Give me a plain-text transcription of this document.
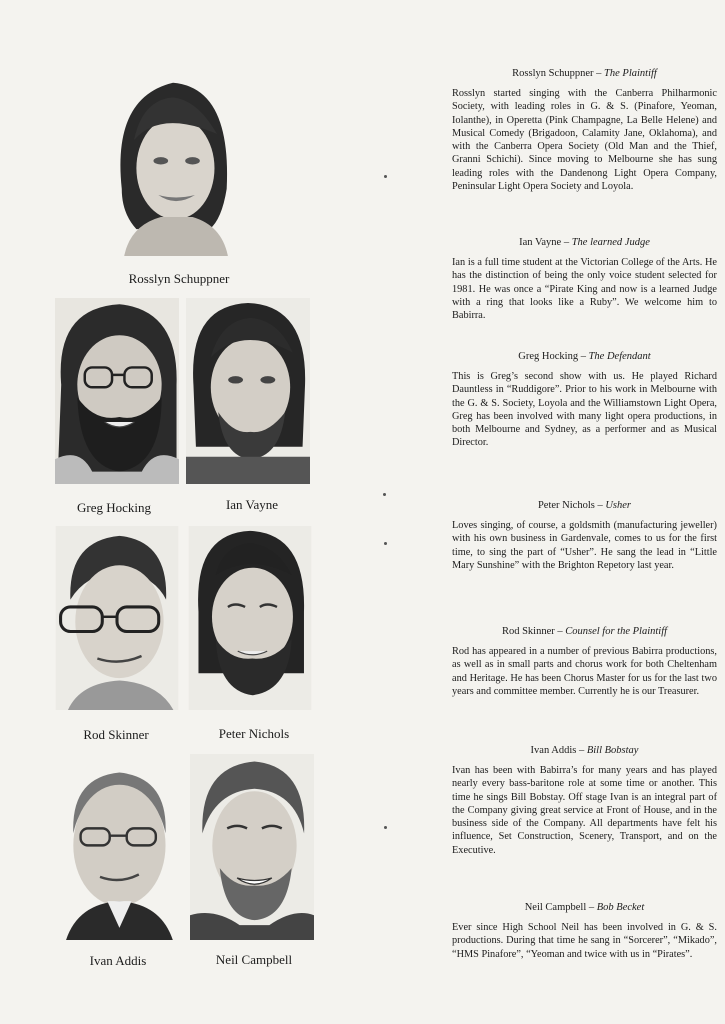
Rosslyn Schuppner
Greg Hocking	Ian Vayne
Rod Skinner	Peter Nichols
Ivan Addis	Neil Campbell
Rosslyn Schuppner – The Plaintiff

Rosslyn started singing with the Canberra Philharmonic Society, with leading roles in G. & S. (Pinafore, Yeoman, Iolanthe), in Operetta (Pink Champagne, La Belle Helene) and Musical Comedy (Brigadoon, Calamity Jane, Oklahoma), and with the Canberra Opera Society (Old Man and the Thief, Granni Schichi). Since moving to Melbourne she has sung leading roles with the Dandenong Light Opera Company, Peninsular Light Opera Society and Loyola.

Ian Vayne – The learned Judge

Ian is a full time student at the Victorian College of the Arts. He has the distinction of being the only voice student selected for 1981. He was once a “Pirate King and now is a learned Judge with a ring that looks like a Ruby”. We welcome him to Babirra.

Greg Hocking – The Defendant

This is Greg’s second show with us. He played Richard Dauntless in “Ruddigore”. Prior to his work in Melbourne with the G. & S. Society, Loyola and the Williamstown Light Opera, Greg has been involved with many light opera productions, in both Melbourne and Sydney, as a performer and as Musical Director.

Peter Nichols – Usher

Loves singing, of course, a goldsmith (manufacturing jeweller) with his own business in Gardenvale, comes to us for the first time, to sing the part of “Usher”. He sang the lead in “Little Mary Sunshine” with the Brighton Repetory last year.

Rod Skinner – Counsel for the Plaintiff

Rod has appeared in a number of previous Babirra productions, as well as in small parts and chorus work for both Cheltenham and Heritage. He has been Chorus Master for us for the last two years and committee member. Currently he is our Treasurer.

Ivan Addis – Bill Bobstay

Ivan has been with Babirra’s for many years and has played nearly every bass-baritone role at some time or another. This time he sings Bill Bobstay. Off stage Ivan is an integral part of the Company giving great service at Front of House, and in the business side of the Company. All departments have felt his influence, Set Construction, Scenery, Transport, and on the Executive.

Neil Campbell – Bob Becket

Ever since High School Neil has been involved in G. & S. productions. During that time he sang in “Sorcerer”, “Mikado”, “HMS Pinafore”, “Yeoman and twice with us in “Pirates”.
